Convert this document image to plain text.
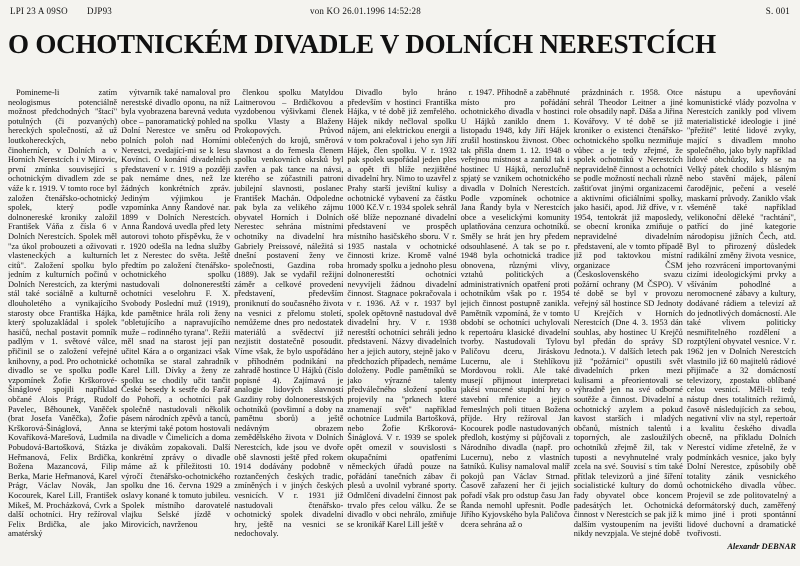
LPI 23 A 09SO DJP93	von KO 26.01.1996 14:52:28	S. 001
O OCHOTNICKÉM DIVADLE V DOLNÍCH NERESTCÍCH

Pomineme-li zatím neologismus potenciálně možnost předchodných "štací" potulných (či pozvaných) hereckých společností, až už loutkohereckých, nebo činoherních, v Dolních a v Horních Nerestcích i v Mirovic, první zmínka související s ochotnickým divadlem zde se váže k r. 1919. V tomto roce byl založen čtenářsko-ochotnický spolek, který podle dolnonereské kroniky založil František Váňa z čísla 6 v Dolních Nerestcích. Spolek měl "za úkol probouzeti a oživovati vlasteneckých a kulturních citů". Založení spolku bylo jedním z kulturních počinů v Dolních Nerestcích, za kterými stál také sociálně a kulturně dlouholetého a vynikajícího starosty obce Františka Hájka, který spoluzakládal i spolek hasičů, nechal postavit pomník padlým v 1. světové válce, přičinil se o založení veřejné knihovny, a pod. Pro ochotnické divadlo se ve spolku podle vzpomínek Žofie Krškorové-Šináglové spojili například občané Alois Prágr, Rudolf Pavelec, Běhounek, Vaněček (brat Josefa Vaněčka), Žofie Krškorová-Šináglová, Anna Kovaříková-Marešová, Ludmila Pobudová-Bartošková, Stázka Heřmanová, Felix Brdička, Božena Mazancová, Filip Berka, Marie Heřmanová, Karel Prágr, Václav Novák, Jan Kocourek, Karel Lill, František Mikeš, M. Procházková, Cvrk a další ochotníci. Hry režíroval Felix Brdička, ale jako amatérský

výtvarník také namaloval pro nerestské divadlo oponu, na níž byla vyobrazena barevná veduta obce – panoramatický pohled na Dolní Nerestce ve směru od polních poloh nad Horními Nerestci, zvedající-mi se k lesu Kovínci. O konání divadelních představení v r. 1919 a později pak nemáme dnes, než lze žádných konkrétních zpráv. Jediným výjimkou je vzpomínka Anny Řandové nar. 1899 v Dolních Nerestcích. Anna Řandová uvedla před lety autorovi tohoto příspěvku, že v r. 1920 odešla na ledna služby let z Nerestec do světa. Ještě předtím po založení čtenářsko-ochotnického spolku nastudovali dolnonerestští ochotníci veselohru F. X. Svobody Poslední muž (1919), kde pamětnice hrála roli ženy "obletujícího a napravujícího muže – rodinného tyrana". Režii měl snad na starost její pan učitel Kára a o organizaci však ochotníka se staral zahradník Karel Lill. Dívky a ženy ze spolku se chodily učit tančit České besedy k sestře do Farář do Pohoří, a ochotníci pak společně nastudovali několik pásem národních zpěvů a tanců, se kterými také potom hostovali na divadle v Čimelicích a doma je divákům zopakovali. Další konkrétní zprávy o divadle máme až k příležitosti 10. výročí čtenářsko-ochotnického spolku dne 16. června 1929 a oslavy konané k tomuto jubileu. Spolek místního darovatelé vlajku Selské jízdě v Mirovicích, navrženou

členkou spolku Matyldou Laitnerovou – Brdičkovou a vyzdobenou výšivkami členek spolku Vlasty a Blaženy Prokopových. Průvod oblečených do krojů, směrová slavnost a do řemesla členem spolku venkovních okrsků byl zavřen a pak tance na návsi, kterého se zúčastnili patroni jubilejní slavnosti, poslanec František Machán. Odpoledne pak byla za velikého zájmu obyvatel Horních i Dolních Nerestec sehrána místními ochotníky na divadelní hra Gabriely Preissové, náležitá si dnešní postavení ženy ve společnosti, Gazdina roba (1889). Jak se vydařil režijní záměr a celkové provedení představení, především proniknutí do současného života na vesnici z přelomu století, nemůžeme dnes pro nedostatek materiálů a svědectví již nezjistit dostatečně posoudit. Víme však, že bylo uspořádáno v příhodném podnikání na zahradě hostince U Hájků (číslo popisné 4). Zajímavá je analogie lidových slavností Gazdiny roby dolnonerestských ochotníků (povšimní a doby na pamětnu sborů) a ještě nedávným obrazem zemědělského života v Dolních Nerestcích, kde jsou ve dvoře obě slavnosti ještě před rokem 1914 dodávány podobně v roztančených českých tradic, zmíněných i v jiných českých vesnicích. V r. 1931 již nastudovali čtenářsko-ochotnický spolek divadelní hry, ještě na vesnici se nedochovaly.

Divadlo bylo hráno především v hostinci Františka Hájka, v té době již zemřelého. Hájek nikdy nečloval spolku nájem, ani elektrickou energii a v tom pokračoval i jeho syn Jiří Hájek, člen spolku. V r. 1932 pak spolek uspořádal jeden ples a opět tři blíže nezjištěné divadelní hry. Nimo to uzavřel z Prahy starší jevištní kulisy a ochotnické vybavení za částku 1000 Kč.V r. 1934 spolek sehrál ošé blíže nepoznané divadelní představení ve prospěch místního hasičského sboru. V r. 1935 nastala v ochotnické činnosti krize. Kromě valné hromady spolku a jednoho plesu dolnonerestští ochotníci nevyvíjeli žádnou divadelní činnost. Stagnace pokračovala i v r. 1936. Až v r. 1937 byl spolek opětovně nastudoval dvě divadelní hry. V r. 1938 nerestští ochotníci sehráli jedno představení. Názvy divadelních her a jejich autory, stejně jako v předchozích případech, nemáme doloženy. Podle pamětníků se jako výrazné talenty předválečného složení spolku projevily na "prknech které znamenají svět" například ochotníce Ludmila Bartošková, nebo Žofie Krškorová-Šináglová. V r. 1939 se spolek opět omezil v souvislosti s okupačními opatřeními německých úřadů pouze na pořádání tanečních zábav či plesů a uvolnil vybrané sporty. Odmlčení divadelní činnost pak trvalo přes celou válku. Že se divadlo v obci nehrálo, zmiňuje se kronikář Karel Lill ještě v

r. 1947. Přihodně a zaběhnuté místo pro pořádání ochotnického divadla v hostinci U Hájků zaniklo dnem 1. listopadu 1948, kdy Jiří Hájek zrušil hostinskou živnost. Obec tak přišla dnem 1. 12. 1948 o veřejnou místnost a zanikl tak i hostinec U Hájků, nerozlučně spjatý se vznikem ochotnického divadla v Dolních Nerestcích. Podle vzpomínek ochotnice Jana Řandy byla v Nerestcích obce a veselickými komunity uplatňována cenzura ochotníků. Směly se hrát jen hry předem odsouhlasené. A tak se po r. 1948 byla ochotnická tradice obnovena, různými vlivy, vztahů politických a administrativních opatření proti ochotníkům však po r. 1954 jejich činnost postupně zanikla. Pamětník vzpomíná, že v tomto období se ochotníci uchylovali k repertoáru klasické divadelní tvorby. Nastudovali Tylovu Paličovu dceru, Jiráskovu Lucernu, ale i Stehlíkovu Mordovou rokli. Ale také musejí přijmout interpretaci jakési vnucené stupidní hry o stavební mřenice a jejich řemeslných poli tituen Božena příjde. Hry režíroval Jan Kocourek podle nastudovaných předloh, kostýmy si půjčovali z Národního divadla (např. pro Lucernu), nebo z vlastních šatníků. Kulisy namaloval malíř pokojů pan Václav Strnad. Časově zařazení her či jejich pořadí však pro odstup času Jan Řanda nemohl upřesnit. Podle Jiřího Kyjovského byla Paličova dcera sehrána až o

prázdninách r. 1958. Otce sehrál Theodor Leitner a jiné role obsadily např. Dáša a Jiřina Kovářovy. V té době se již kroniker o existenci čtenářsko-ochotnického spolku nezmiňuje vůbec a je tedy zřejmé, že spolek ochotníků v Nerestcích nepravidelně činnost a ochotníci se podle možností nechali různě zaštiťovat jinými organizacemi a aktivními oficiálními spolky, jako hasiči, apod. Již dříve, v r. 1954, tentokrát již maposledy, se obecní kronika zmiňuje o nepravidelné divadelním představení, ale v tomto případě již pod taktovkou místní organizace ČSM (Československého svazu požární ochrany (M ČSPO). V té době se byl v provozu veřejný sál hostince SD Jednoty U Krejčích v Horních Nerestcích (Dne 4. 3. 1953 dán souhlas, aby hostinec U Krejčů byl předán do správy SD Jednota.). V dalších letech pak již "požárníci" opustili svět divadelních prken mezi kulisami a přeorientovali se výhradně jen na své odborné soutěže a činnost. Divadelní a ochotnický azylem a pokud kavost starších i mladých občanů, místních talentů i toporných, ale zasloužilých ochotníků zřejmě žil, tak v tuposti a nevyhnutelné vraly zcela na své. Souvisí s tím také přítlak televizorů a jiné šíření socialistické kultury do domů řady obyvatel obce koncem padesátých let. Ochotnická činnost v Nerestcích se pak již k dalším vystoupením na jevišti nikdy nevzpjala. Ve stejné době

nástupu a upevňování komunistické vlády pozvolna v Nerestcích zanikly pod vlivem materialistické ideologie i jiné "přežité" letité lidové zvyky, mající s divadlem mnoho společného, jako byly například lidové obchůzky, kdy se na Velký pátek chodilo s hlásným nebo stavění májek, pálení čarodějnic, pečení a veselé maskarní průvody. Zaniklo však všeméně také například velikonoční děleké "rachtání", patřící do jiné kategorie národopisu jižních Čech, atd. Byl to přirozený důsledek radikální změny života vesnice, jeho rozvrácení importovanými cizími ideologickými prvky a všíváním pohodlné a neromocnené zábavy a kultury, dodávané rádiem a televizí až do jednotlivých domácností. Ale také vlivem politicky nesmiřitelného rozdělení a rozptýlení obyvatel vesnice. V r. 1962 jen v Dolních Nerestcích vlastnilo již 60 majitelů rádiové přijímače a 32 domácností televizory, zpostaku oblíbané celou vesnicí. Měli-li tedy nástup dnes totalitních režimů, časově následujících za sebou, negativní vliv na styl, repertoár a kvalitu českého divadla obecně, na příkladu Dolních Nerestcí vidíme zřetelně, že v podmínkách vesnice, jako byly Dolní Nerestce, způsobily obě totality zánik vesnického ochotnického divadla vůbec. Projevil se zde politovatelný a deformátorský duch, zaměřený mimo jiné i proti spontánní lidové duchovní a dramatické tvořivosti.

Alexandr DEBNAR
